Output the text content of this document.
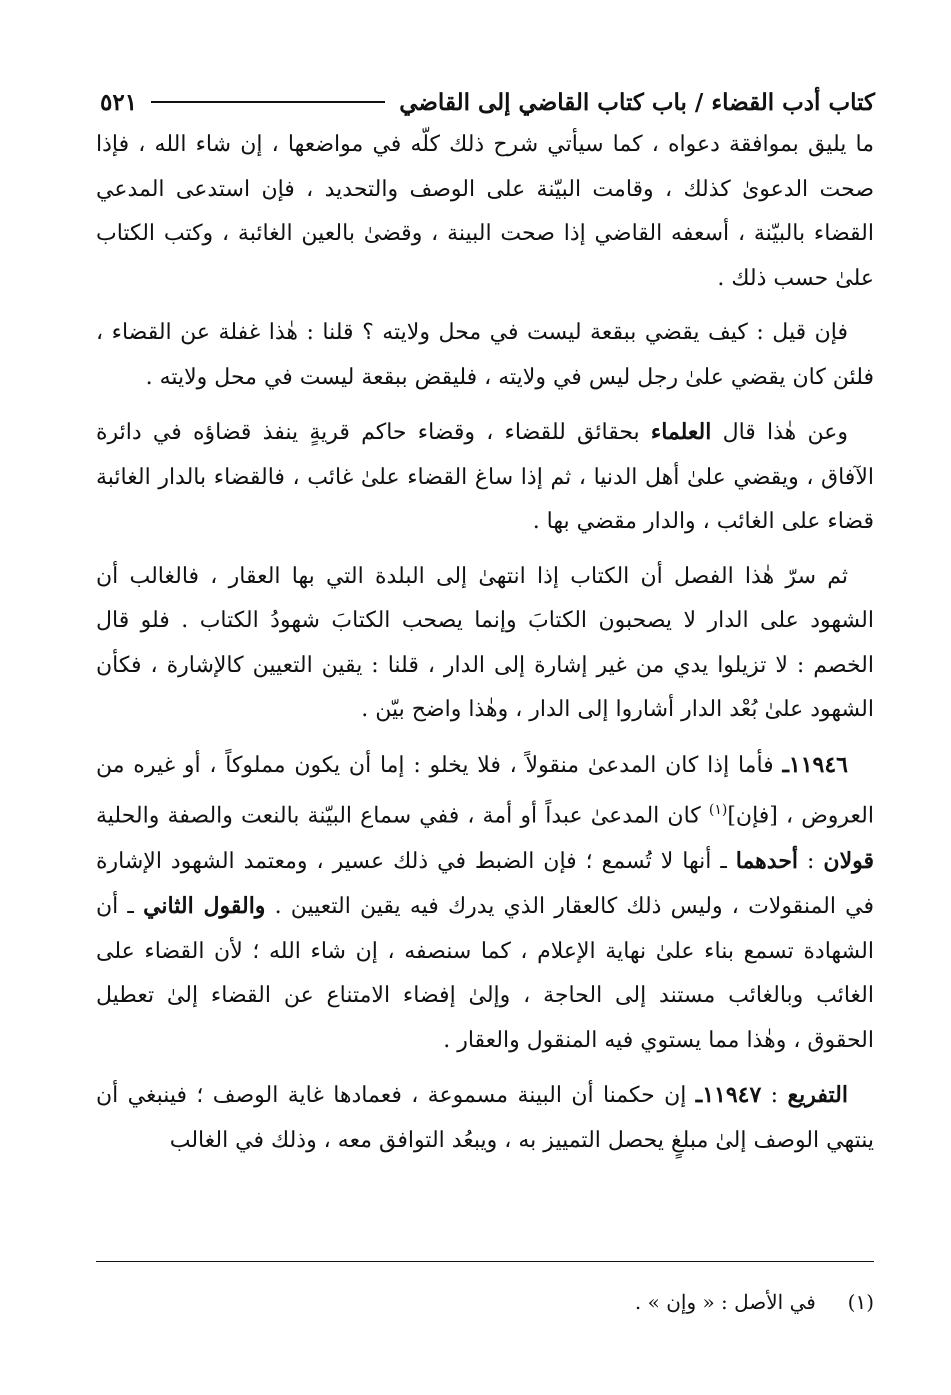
كتاب أدب القضاء / باب كتاب القاضي إلى القاضي
٥٢١

ما يليق بموافقة دعواه ، كما سيأتي شرح ذلك كلّه في مواضعها ، إن شاء الله ، فإذا صحت الدعوىٰ كذلك ، وقامت البيّنة على الوصف والتحديد ، فإن استدعى المدعي القضاء بالبيّنة ، أسعفه القاضي إذا صحت البينة ، وقضىٰ بالعين الغائبة ، وكتب الكتاب علىٰ حسب ذلك .

فإن قيل : كيف يقضي ببقعة ليست في محل ولايته ؟ قلنا : هٰذا غفلة عن القضاء ، فلئن كان يقضي علىٰ رجل ليس في ولايته ، فليقض ببقعة ليست في محل ولايته .

وعن هٰذا قال العلماء بحقائق للقضاء ، وقضاء حاكم قريةٍ ينفذ قضاؤه في دائرة الآفاق ، ويقضي علىٰ أهل الدنيا ، ثم إذا ساغ القضاء علىٰ غائب ، فالقضاء بالدار الغائبة قضاء على الغائب ، والدار مقضي بها .

ثم سرّ هٰذا الفصل أن الكتاب إذا انتهىٰ إلى البلدة التي بها العقار ، فالغالب أن الشهود على الدار لا يصحبون الكتابَ وإنما يصحب الكتابَ شهودُ الكتاب . فلو قال الخصم : لا تزيلوا يدي من غير إشارة إلى الدار ، قلنا : يقين التعيين كالإشارة ، فكأن الشهود علىٰ بُعْد الدار أشاروا إلى الدار ، وهٰذا واضح بيّن .

١١٩٤٦ـ فأما إذا كان المدعىٰ منقولاً ، فلا يخلو : إما أن يكون مملوكاً ، أو غيره من العروض ، [فإن]$^{(١)}$ كان المدعىٰ عبداً أو أمة ، ففي سماع البيّنة بالنعت والصفة والحلية قولان : أحدهما ـ أنها لا تُسمع ؛ فإن الضبط في ذلك عسير ، ومعتمد الشهود الإشارة في المنقولات ، وليس ذلك كالعقار الذي يدرك فيه يقين التعيين . والقول الثاني ـ أن الشهادة تسمع بناء علىٰ نهاية الإعلام ، كما سنصفه ، إن شاء الله ؛ لأن القضاء على الغائب وبالغائب مستند إلى الحاجة ، وإلىٰ إفضاء الامتناع عن القضاء إلىٰ تعطيل الحقوق ، وهٰذا مما يستوي فيه المنقول والعقار .

التفريع : ١١٩٤٧ـ إن حكمنا أن البينة مسموعة ، فعمادها غاية الوصف ؛ فينبغي أن ينتهي الوصف إلىٰ مبلغٍ يحصل التمييز به ، ويبعُد التوافق معه ، وذلك في الغالب

(١)     في الأصل : « وإن » .
